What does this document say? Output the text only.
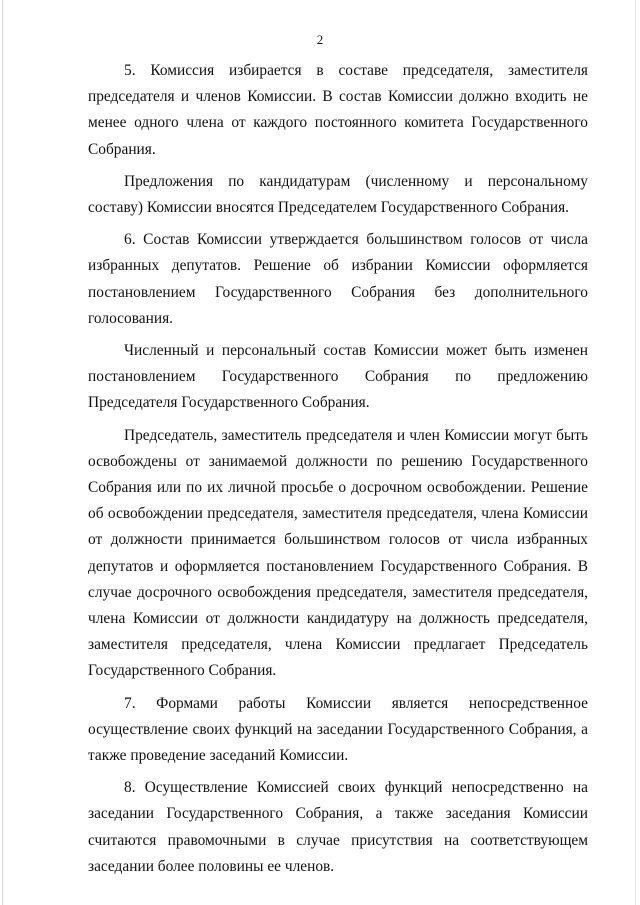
2

5. Комиссия избирается в составе председателя, заместителя председателя и членов Комиссии. В состав Комиссии должно входить не менее одного члена от каждого постоянного комитета Государственного Собрания.

Предложения по кандидатурам (численному и персональному составу) Комиссии вносятся Председателем Государственного Собрания.

6. Состав Комиссии утверждается большинством голосов от числа избранных депутатов. Решение об избрании Комиссии оформляется постановлением Государственного Собрания без дополнительного голосования.

Численный и персональный состав Комиссии может быть изменен постановлением Государственного Собрания по предложению Председателя Государственного Собрания.

Председатель, заместитель председателя и член Комиссии могут быть освобождены от занимаемой должности по решению Государственного Собрания или по их личной просьбе о досрочном освобождении. Решение об освобождении председателя, заместителя председателя, члена Комиссии от должности принимается большинством голосов от числа избранных депутатов и оформляется постановлением Государственного Собрания. В случае досрочного освобождения председателя, заместителя председателя, члена Комиссии от должности кандидатуру на должность председателя, заместителя председателя, члена Комиссии предлагает Председатель Государственного Собрания.

7. Формами работы Комиссии является непосредственное осуществление своих функций на заседании Государственного Собрания, а также проведение заседаний Комиссии.

8. Осуществление Комиссией своих функций непосредственно на заседании Государственного Собрания, а также заседания Комиссии считаются правомочными в случае присутствия на соответствующем заседании более половины ее членов.
